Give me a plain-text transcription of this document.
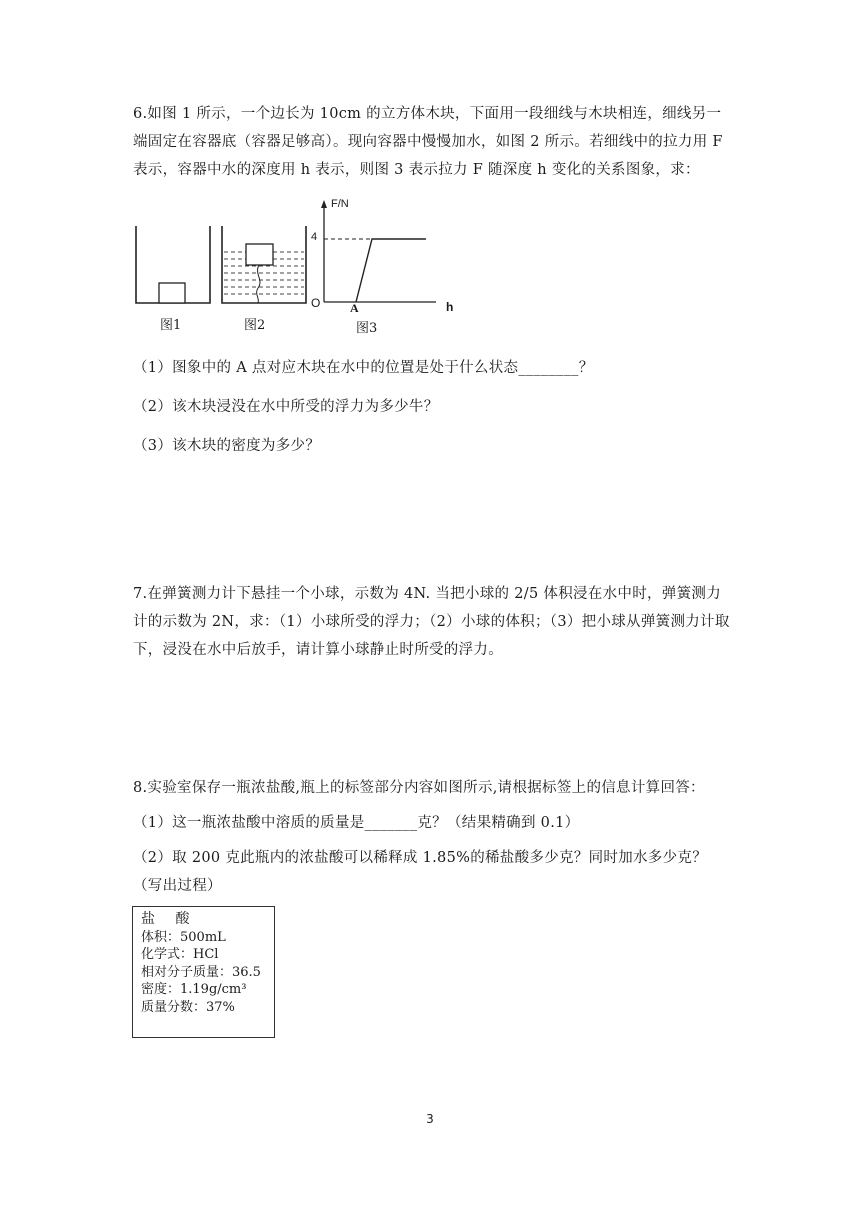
6.如图 1 所示，一个边长为 10cm 的立方体木块，下面用一段细线与木块相连，细线另一端固定在容器底（容器足够高）。现向容器中慢慢加水，如图 2 所示。若细线中的拉力用 F 表示，容器中水的深度用 h 表示，则图 3 表示拉力 F 随深度 h 变化的关系图象，求：

图1	图2	图3
F/N
h
O A
4
（1）图象中的 A 点对应木块在水中的位置是处于什么状态________？
（2）该木块浸没在水中所受的浮力为多少牛？
（3）该木块的密度为多少？

7.在弹簧测力计下悬挂一个小球，示数为 4N. 当把小球的 2/5 体积浸在水中时，弹簧测力计的示数为 2N，求：（1）小球所受的浮力；（2）小球的体积；（3）把小球从弹簧测力计取下，浸没在水中后放手，请计算小球静止时所受的浮力。

8.实验室保存一瓶浓盐酸,瓶上的标签部分内容如图所示,请根据标签上的信息计算回答：
（1）这一瓶浓盐酸中溶质的质量是_______克？（结果精确到 0.1）

（2）取 200 克此瓶内的浓盐酸可以稀释成 1.85%的稀盐酸多少克？同时加水多少克？（写出过程）

盐 酸
体积：500mL
化学式：HCl
相对分子质量：36.5
密度：1.19g/cm³
质量分数：37%
3
